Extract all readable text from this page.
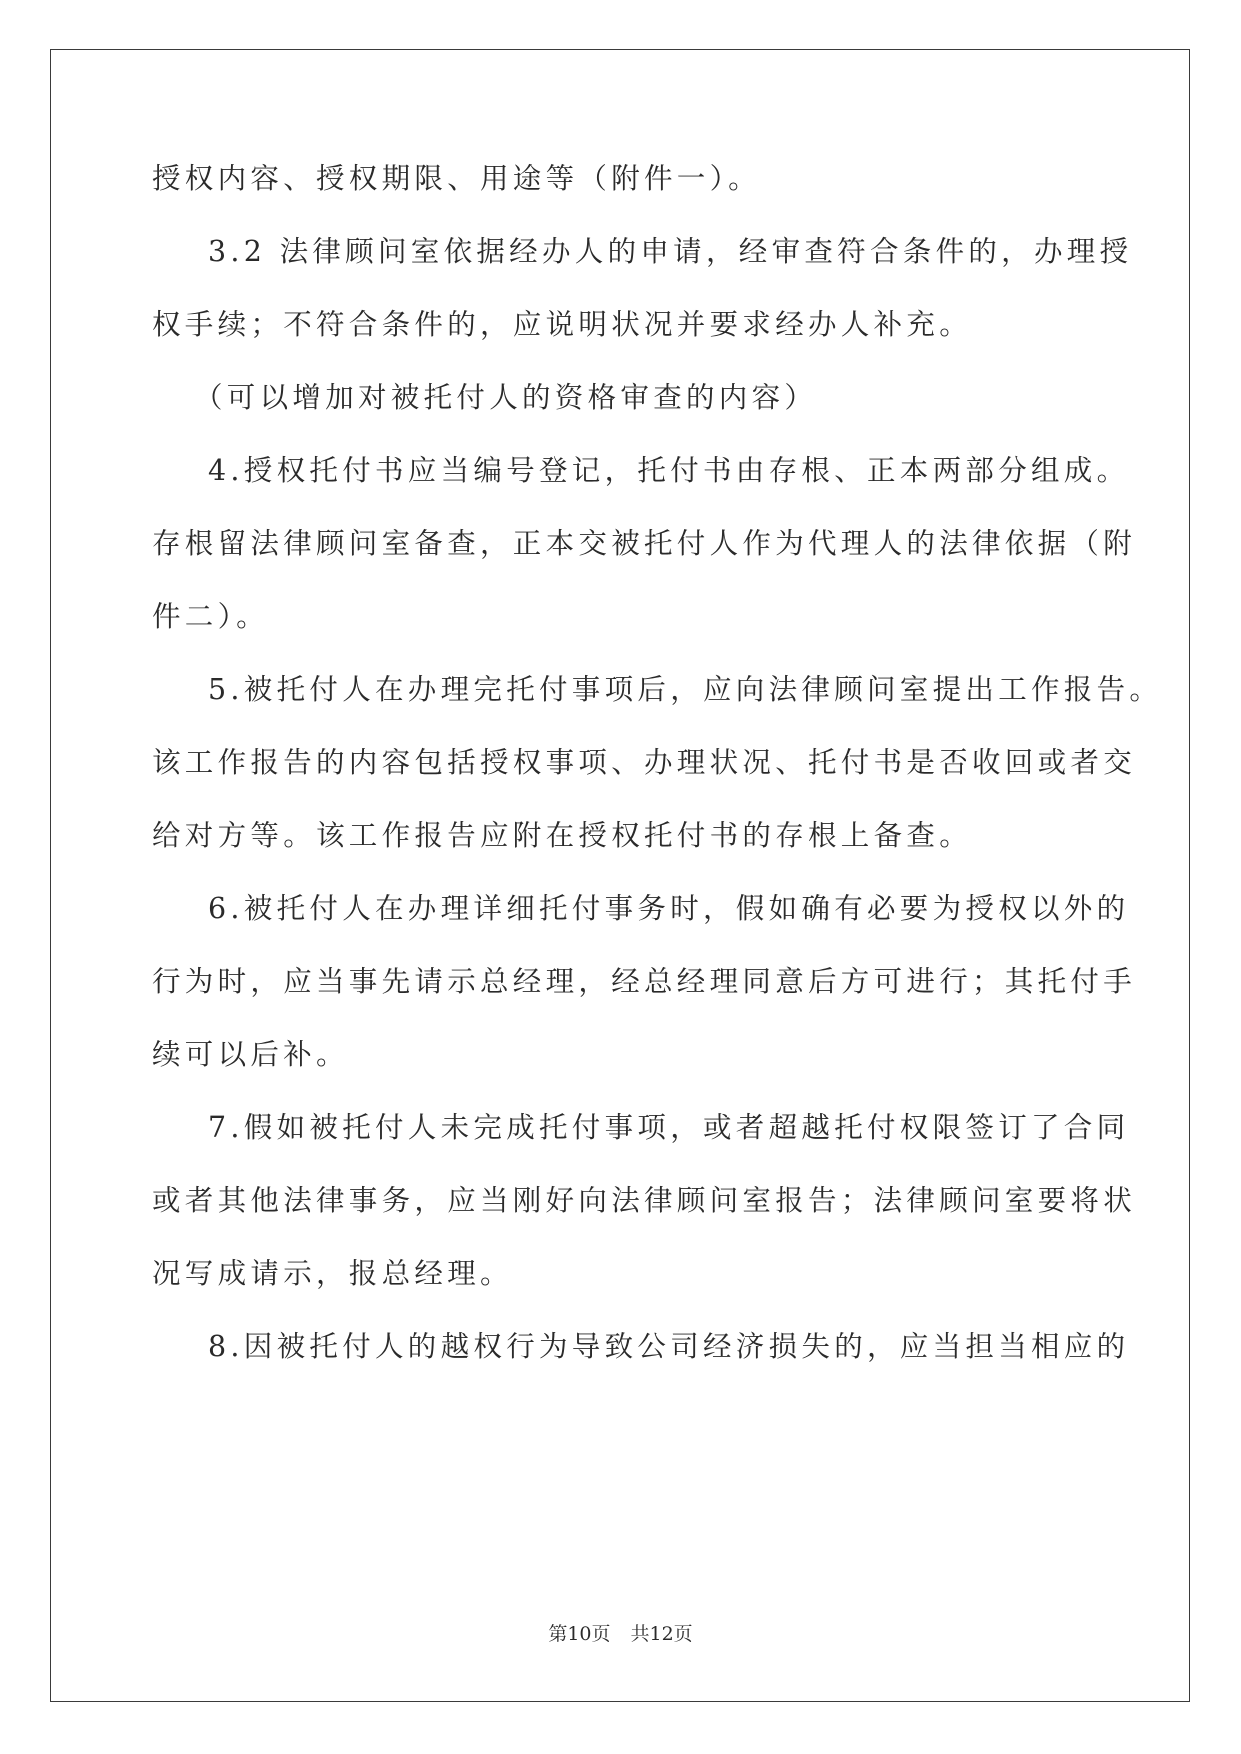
授权内容、授权期限、用途等（附件一）。
3.2 法律顾问室依据经办人的申请，经审查符合条件的，办理授
权手续；不符合条件的，应说明状况并要求经办人补充。
（可以增加对被托付人的资格审查的内容）
4.授权托付书应当编号登记，托付书由存根、正本两部分组成。
存根留法律顾问室备查，正本交被托付人作为代理人的法律依据（附
件二）。
5.被托付人在办理完托付事项后，应向法律顾问室提出工作报告。
该工作报告的内容包括授权事项、办理状况、托付书是否收回或者交
给对方等。该工作报告应附在授权托付书的存根上备查。
6.被托付人在办理详细托付事务时，假如确有必要为授权以外的
行为时，应当事先请示总经理，经总经理同意后方可进行；其托付手
续可以后补。
7.假如被托付人未完成托付事项，或者超越托付权限签订了合同
或者其他法律事务，应当刚好向法律顾问室报告；法律顾问室要将状
况写成请示，报总经理。
8.因被托付人的越权行为导致公司经济损失的，应当担当相应的
第10页 共12页
